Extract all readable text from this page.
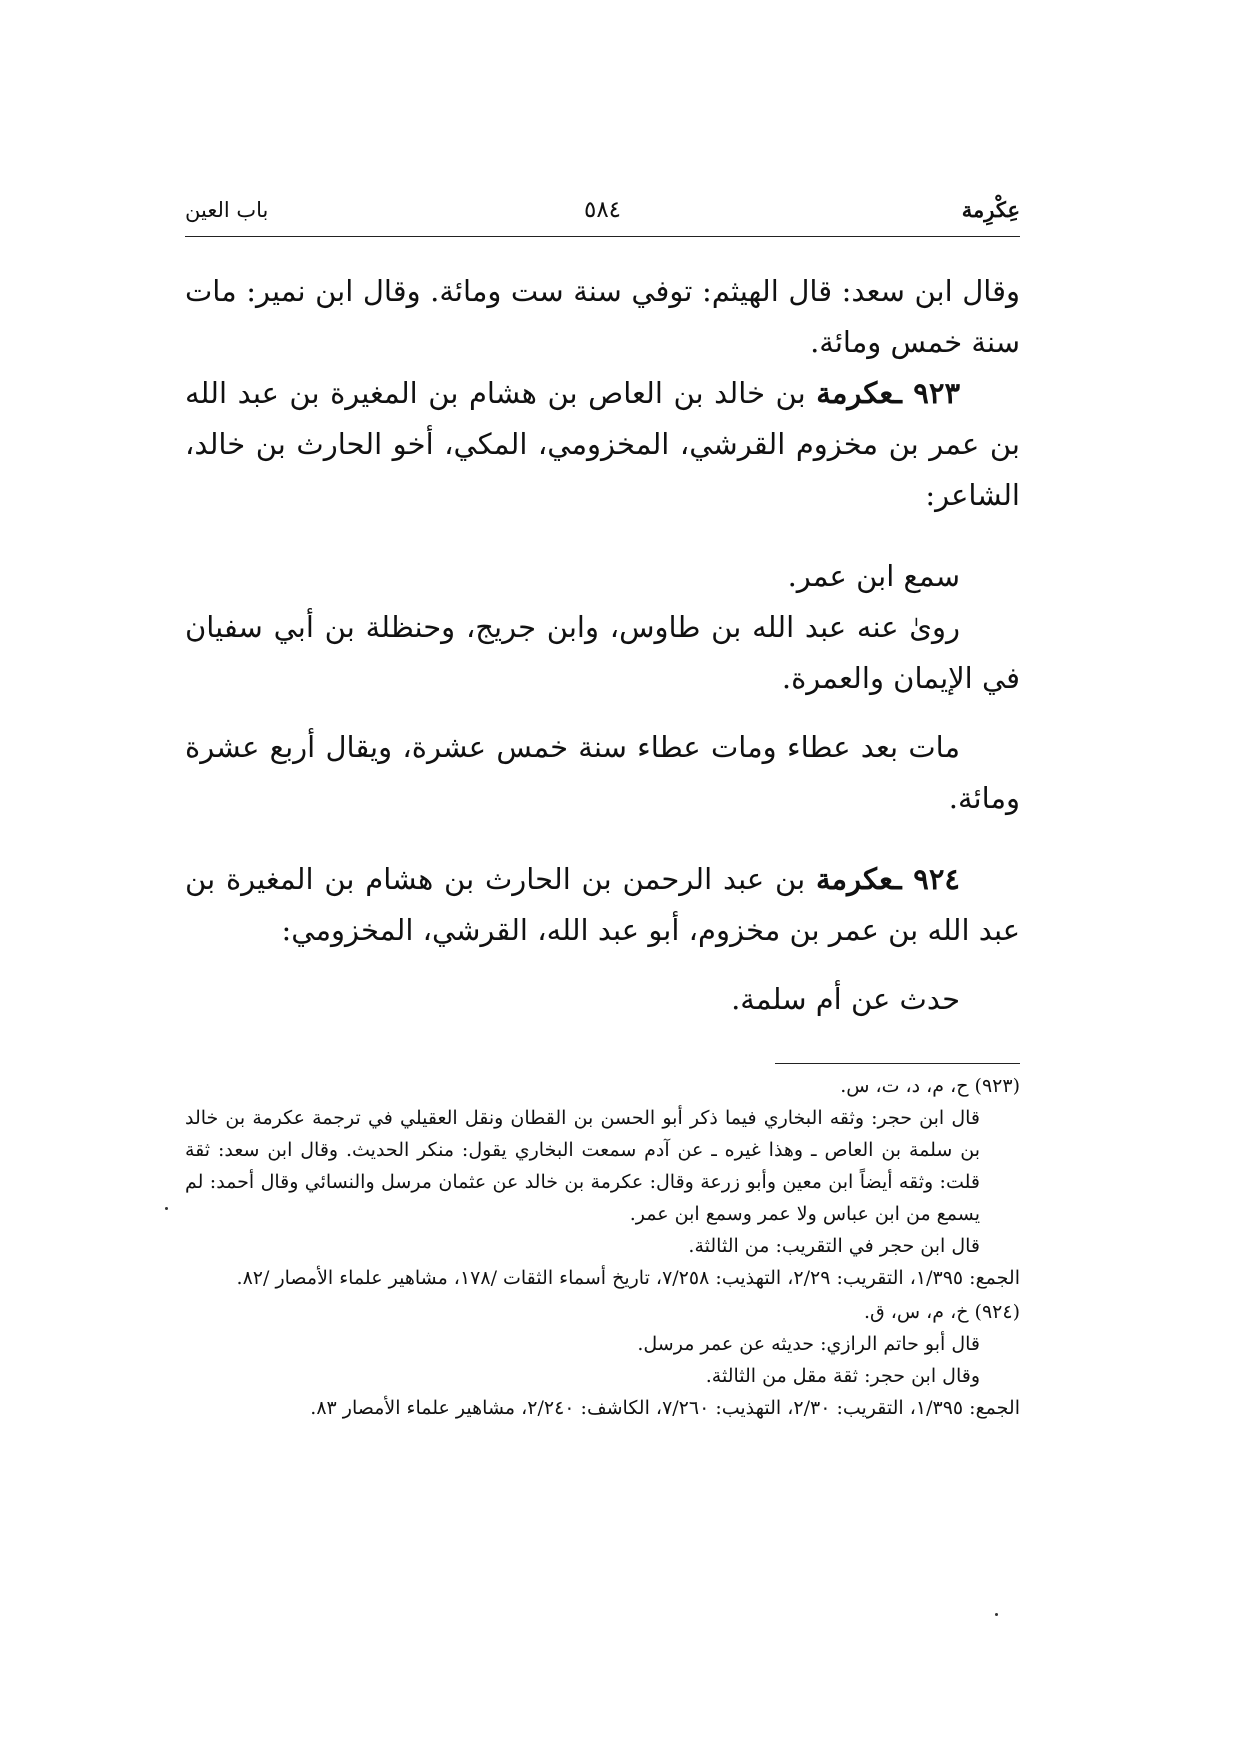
عِكْرِمة
٥٨٤
باب العين

وقال ابن سعد: قال الهيثم: توفي سنة ست ومائة. وقال ابن نمير: مات سنة خمس ومائة.

٩٢٣ ـعكرمة بن خالد بن العاص بن هشام بن المغيرة بن عبد الله بن عمر بن مخزوم القرشي، المخزومي، المكي، أخو الحارث بن خالد، الشاعر:

سمع ابن عمر.

روىٰ عنه عبد الله بن طاوس، وابن جريج، وحنظلة بن أبي سفيان في الإيمان والعمرة.

مات بعد عطاء ومات عطاء سنة خمس عشرة، ويقال أربع عشرة ومائة.

٩٢٤ ـعكرمة بن عبد الرحمن بن الحارث بن هشام بن المغيرة بن عبد الله بن عمر بن مخزوم، أبو عبد الله، القرشي، المخزومي:

حدث عن أم سلمة.

(٩٢٣) ح، م، د، ت، س.

قال ابن حجر: وثقه البخاري فيما ذكر أبو الحسن بن القطان ونقل العقيلي في ترجمة عكرمة بن خالد بن سلمة بن العاص ـ وهذا غيره ـ عن آدم سمعت البخاري يقول: منكر الحديث. وقال ابن سعد: ثقة قلت: وثقه أيضاً ابن معين وأبو زرعة وقال: عكرمة بن خالد عن عثمان مرسل والنسائي وقال أحمد: لم يسمع من ابن عباس ولا عمر وسمع ابن عمر.

قال ابن حجر في التقريب: من الثالثة.

الجمع: ١/٣٩٥، التقريب: ٢/٢٩، التهذيب: ٧/٢٥٨، تاريخ أسماء الثقات /١٧٨، مشاهير علماء الأمصار /٨٢.

(٩٢٤) خ، م، س، ق.

قال أبو حاتم الرازي: حديثه عن عمر مرسل.

وقال ابن حجر: ثقة مقل من الثالثة.

الجمع: ١/٣٩٥، التقريب: ٢/٣٠، التهذيب: ٧/٢٦٠، الكاشف: ٢/٢٤٠، مشاهير علماء الأمصار ٨٣.
